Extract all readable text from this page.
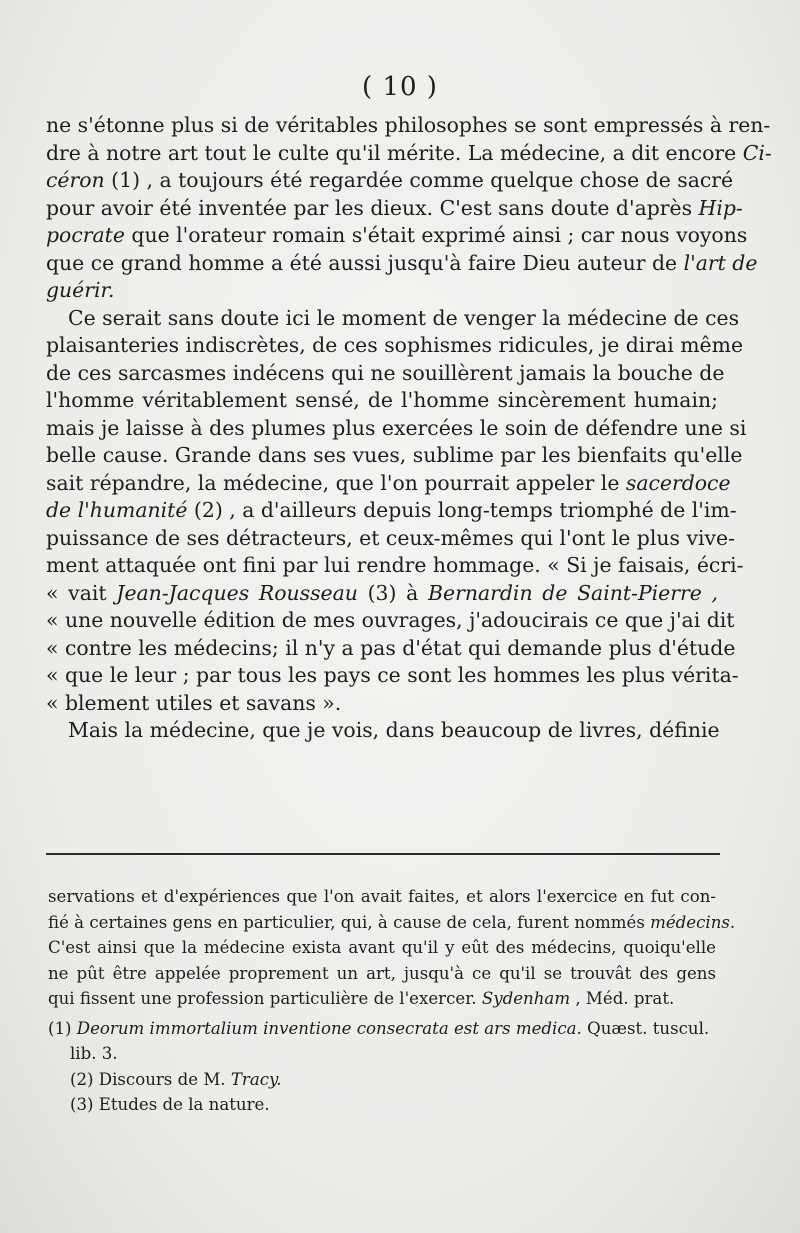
( 10 )
ne s'étonne plus si de véritables philosophes se sont empressés à ren-
dre à notre art tout le culte qu'il mérite. La médecine, a dit encore Ci-
céron (1) , a toujours été regardée comme quelque chose de sacré
pour avoir été inventée par les dieux. C'est sans doute d'après Hip-
pocrate que l'orateur romain s'était exprimé ainsi ; car nous voyons
que ce grand homme a été aussi jusqu'à faire Dieu auteur de l'art de
guérir.
Ce serait sans doute ici le moment de venger la médecine de ces
plaisanteries indiscrètes, de ces sophismes ridicules, je dirai même
de ces sarcasmes indécens qui ne souillèrent jamais la bouche de
l'homme véritablement sensé, de l'homme sincèrement humain;
mais je laisse à des plumes plus exercées le soin de défendre une si
belle cause. Grande dans ses vues, sublime par les bienfaits qu'elle
sait répandre, la médecine, que l'on pourrait appeler le sacerdoce
de l'humanité (2) , a d'ailleurs depuis long-temps triomphé de l'im-
puissance de ses détracteurs, et ceux-mêmes qui l'ont le plus vive-
ment attaquée ont fini par lui rendre hommage. « Si je faisais, écri-
« vait Jean-Jacques Rousseau (3) à Bernardin de Saint-Pierre ,
« une nouvelle édition de mes ouvrages, j'adoucirais ce que j'ai dit
« contre les médecins; il n'y a pas d'état qui demande plus d'étude
« que le leur ; par tous les pays ce sont les hommes les plus vérita-
« blement utiles et savans ».
Mais la médecine, que je vois, dans beaucoup de livres, définie
servations et d'expériences que l'on avait faites, et alors l'exercice en fut con-
fié à certaines gens en particulier, qui, à cause de cela, furent nommés médecins.
C'est ainsi que la médecine exista avant qu'il y eût des médecins, quoiqu'elle
ne pût être appelée proprement un art, jusqu'à ce qu'il se trouvât des gens
qui fissent une profession particulière de l'exercer. Sydenham , Méd. prat.
(1) Deorum immortalium inventione consecrata est ars medica. Quæst. tuscul.
lib. 3.
(2) Discours de M. Tracy.
(3) Etudes de la nature.
